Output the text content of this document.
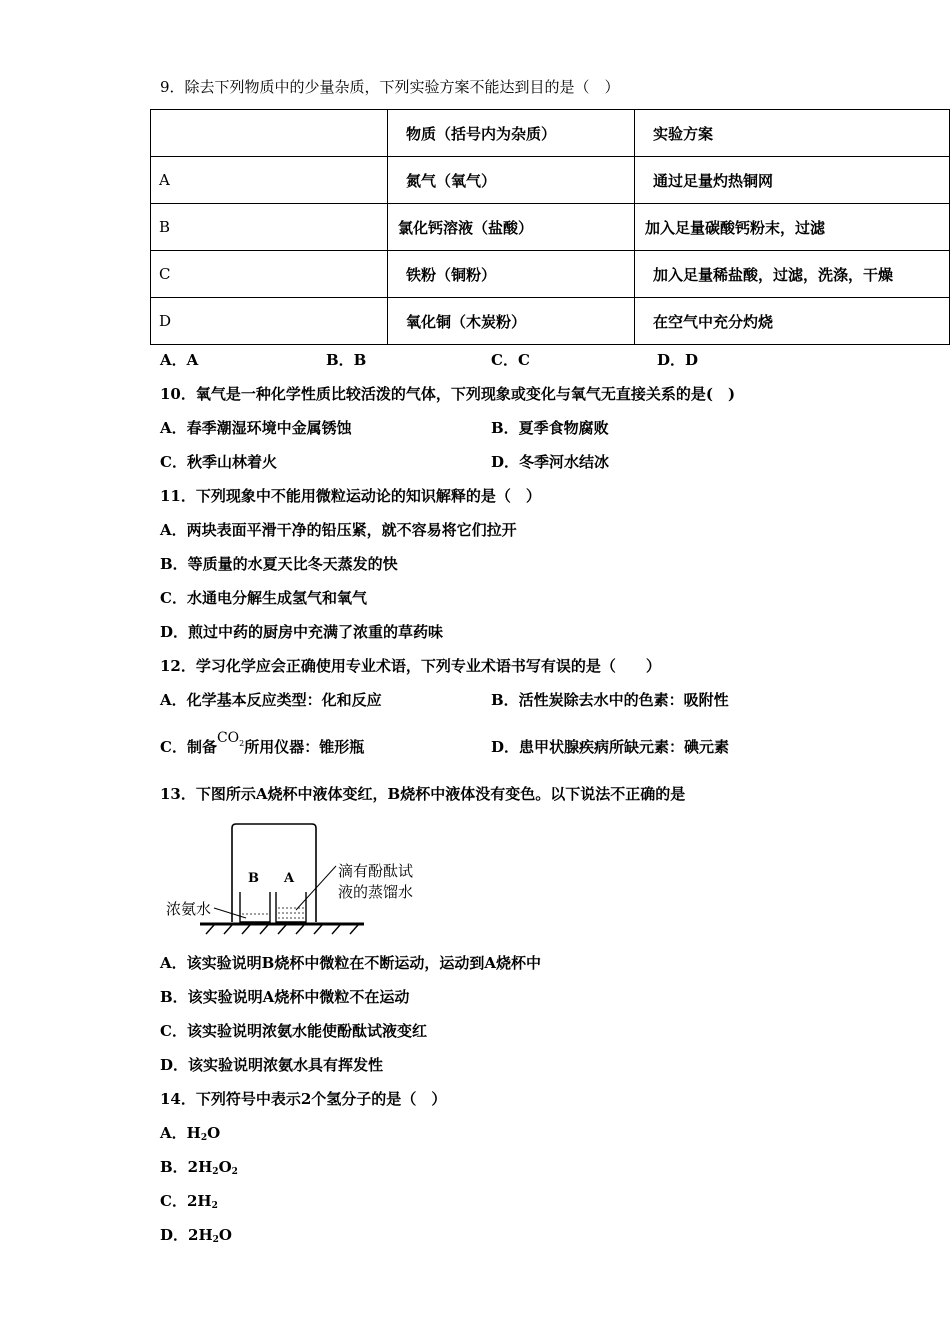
9．除去下列物质中的少量杂质，下列实验方案不能达到目的是（　）
	物质（括号内为杂质）	实验方案
A	氮气（氧气）	通过足量灼热铜网
B	氯化钙溶液（盐酸）	加入足量碳酸钙粉末，过滤
C	铁粉（铜粉）	加入足量稀盐酸，过滤，洗涤，干燥
D	氧化铜（木炭粉）	在空气中充分灼烧
A．A	B．B	C．C	D．D
10．氧气是一种化学性质比较活泼的气体，下列现象或变化与氧气无直接关系的是(　)
A．春季潮湿环境中金属锈蚀	B．夏季食物腐败
C．秋季山林着火	D．冬季河水结冰
11．下列现象中不能用微粒运动论的知识解释的是（　）
A．两块表面平滑干净的铅压紧，就不容易将它们拉开
B．等质量的水夏天比冬天蒸发的快
C．水通电分解生成氢气和氧气
D．煎过中药的厨房中充满了浓重的草药味
12．学习化学应会正确使用专业术语，下列专业术语书写有误的是（　　）
A．化学基本反应类型：化和反应	B．活性炭除去水中的色素：吸附性
C．制备$CO_2$所用仪器：锥形瓶	D．患甲状腺疾病所缺元素：碘元素
13．下图所示A烧杯中液体变红，B烧杯中液体没有变色。以下说法不正确的是
B A
浓氨水
滴有酚酞试
液的蒸馏水
A．该实验说明B烧杯中微粒在不断运动，运动到A烧杯中
B．该实验说明A烧杯中微粒不在运动
C．该实验说明浓氨水能使酚酞试液变红
D．该实验说明浓氨水具有挥发性
14．下列符号中表示2个氢分子的是（　）
A．$H_2O$
B．$2H_2O_2$
C．$2H_2$
D．$2H_2O$
